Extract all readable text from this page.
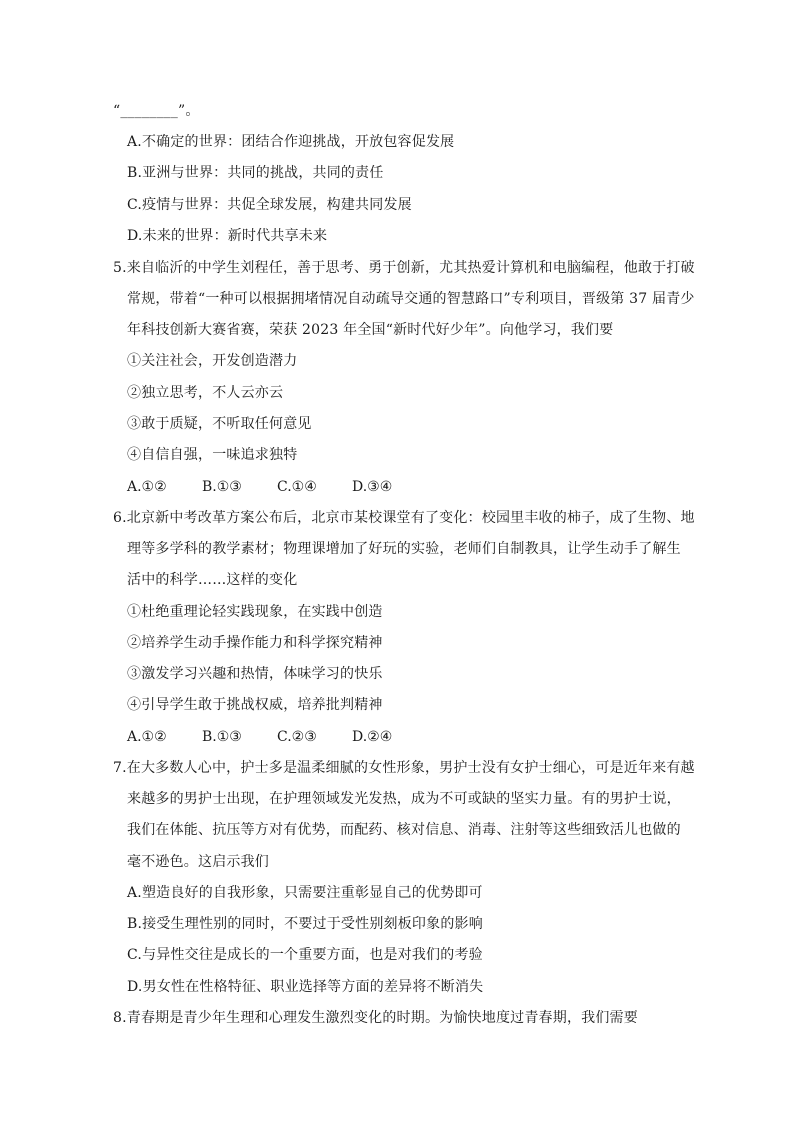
“________”。
A.不确定的世界：团结合作迎挑战，开放包容促发展
B.亚洲与世界：共同的挑战，共同的责任
C.疫情与世界：共促全球发展，构建共同发展
D.未来的世界：新时代共享未来
5.来自临沂的中学生刘程任，善于思考、勇于创新，尤其热爱计算机和电脑编程，他敢于打破
常规，带着“一种可以根据拥堵情况自动疏导交通的智慧路口”专利项目，晋级第 37 届青少
年科技创新大赛省赛，荣获 2023 年全国“新时代好少年”。向他学习，我们要
①关注社会，开发创造潜力
②独立思考，不人云亦云
③敢于质疑，不听取任何意见
④自信自强，一味追求独特
A.①②	B.①③	C.①④	D.③④
6.北京新中考改革方案公布后，北京市某校课堂有了变化：校园里丰收的柿子，成了生物、地
理等多学科的教学素材；物理课增加了好玩的实验，老师们自制教具，让学生动手了解生
活中的科学……这样的变化
①杜绝重理论轻实践现象，在实践中创造
②培养学生动手操作能力和科学探究精神
③激发学习兴趣和热情，体味学习的快乐
④引导学生敢于挑战权威，培养批判精神
A.①②	B.①③	C.②③	D.②④
7.在大多数人心中，护士多是温柔细腻的女性形象，男护士没有女护士细心，可是近年来有越
来越多的男护士出现，在护理领域发光发热，成为不可或缺的坚实力量。有的男护士说，
我们在体能、抗压等方对有优势，而配药、核对信息、消毒、注射等这些细致活儿也做的
毫不逊色。这启示我们
A.塑造良好的自我形象，只需要注重彰显自己的优势即可
B.接受生理性别的同时，不要过于受性别刻板印象的影响
C.与异性交往是成长的一个重要方面，也是对我们的考验
D.男女性在性格特征、职业选择等方面的差异将不断消失
8.青春期是青少年生理和心理发生激烈变化的时期。为愉快地度过青春期，我们需要
